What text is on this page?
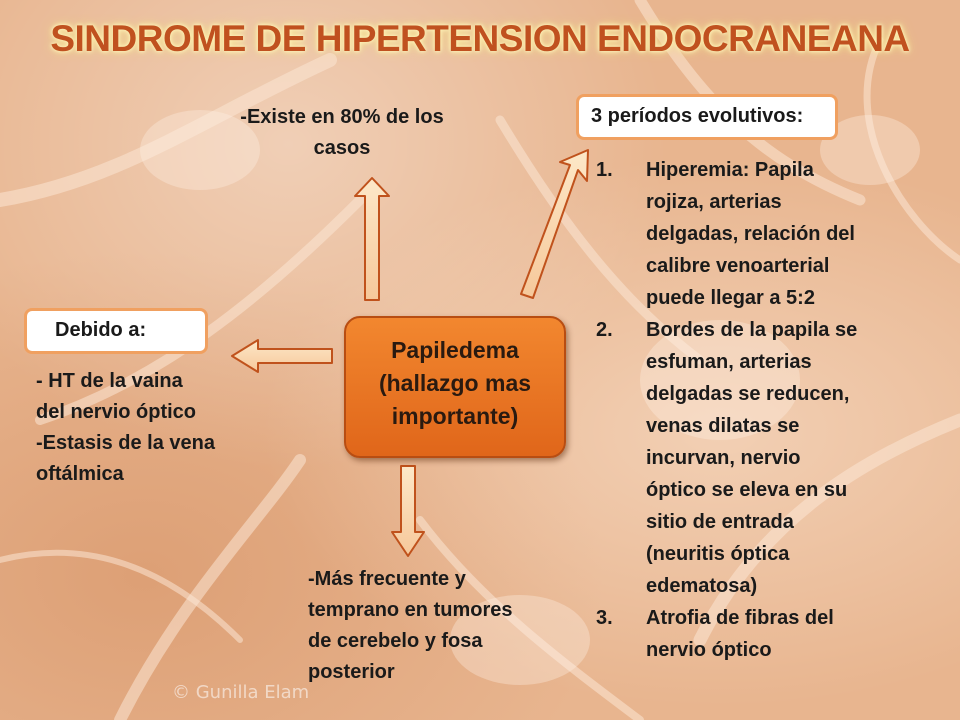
SINDROME DE HIPERTENSION ENDOCRANEANA
Papiledema
(hallazgo mas
importante)
-Existe en 80% de los
casos
Debido a:
- HT de la vaina
del nervio óptico
-Estasis de la vena
oftálmica
-Más frecuente y
temprano en tumores
de cerebelo y fosa
posterior
3 períodos evolutivos:
1. Hiperemia: Papila
rojiza, arterias
delgadas, relación del
calibre venoarterial
puede llegar a 5:2
2. Bordes de la papila se
esfuman, arterias
delgadas se reducen,
venas dilatas se
incurvan, nervio
óptico se eleva en su
sitio de entrada
(neuritis óptica
edematosa)
3. Atrofia de fibras del
nervio óptico
© Gunilla Elam
